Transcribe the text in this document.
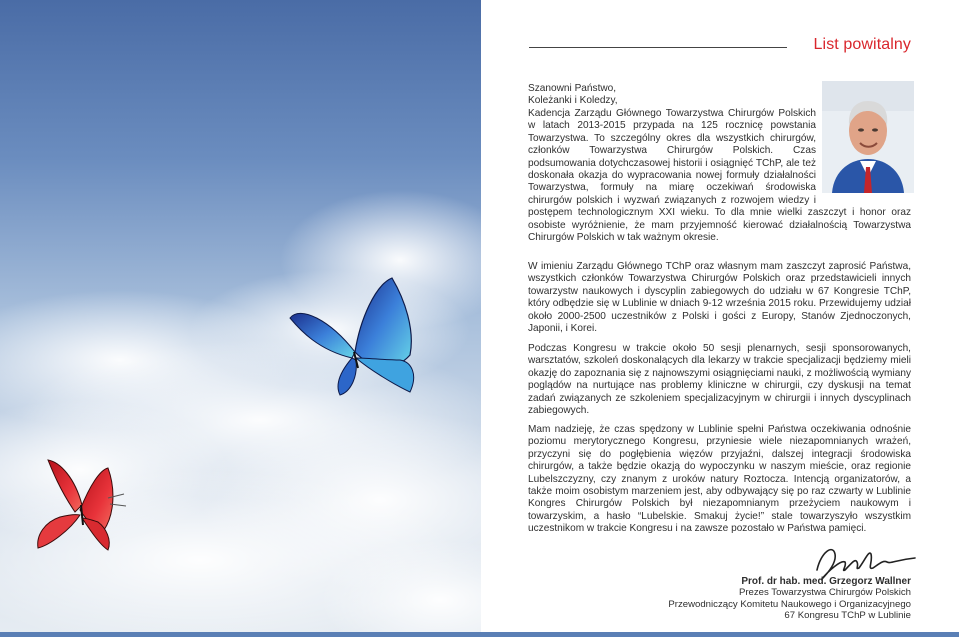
List powitalny

Szanowni Państwo,

Koleżanki i Koledzy,

Kadencja Zarządu Głównego Towarzystwa Chirurgów Polskich w latach 2013-2015 przypada na 125 rocznicę powstania Towarzystwa. To szczególny okres dla wszystkich chirurgów, członków Towarzystwa Chirurgów Polskich. Czas podsumowania dotychczasowej historii i osiągnięć TChP, ale też doskonała okazja do wypracowania nowej formuły działalności Towarzystwa, formuły na miarę oczekiwań środowiska chirurgów polskich i wyzwań związanych z rozwojem wiedzy i postępem technologicznym XXI wieku. To dla mnie wielki zaszczyt i honor oraz osobiste wyróżnienie, że mam przyjemność kierować działalnością Towarzystwa Chirurgów Polskich w tak ważnym okresie.

W imieniu Zarządu Głównego TChP oraz własnym mam zaszczyt zaprosić Państwa, wszystkich członków Towarzystwa Chirurgów Polskich oraz przedstawicieli innych towarzystw naukowych i dyscyplin zabiegowych do udziału w 67 Kongresie TChP, który odbędzie się w Lublinie w dniach 9-12 września 2015 roku. Przewidujemy udział około 2000-2500 uczestników z Polski i gości z Europy, Stanów Zjednoczonych, Japonii, i Korei.

Podczas Kongresu w trakcie około 50 sesji plenarnych, sesji sponsorowanych, warsztatów, szkoleń doskonalących dla lekarzy w trakcie specjalizacji będziemy mieli okazję do zapoznania się z najnowszymi osiągnięciami nauki, z możliwością wymiany poglądów na nurtujące nas problemy kliniczne w chirurgii, czy dyskusji na temat zadań związanych ze szkoleniem specjalizacyjnym w chirurgii i innych dyscyplinach zabiegowych.

Mam nadzieję, że czas spędzony w Lublinie spełni Państwa oczekiwania odnośnie poziomu merytorycznego Kongresu, przyniesie wiele niezapomnianych wrażeń, przyczyni się do pogłębienia więzów przyjaźni, dalszej integracji środowiska chirurgów, a także będzie okazją do wypoczynku w naszym mieście, oraz regionie Lubelszczyzny, czy znanym z uroków natury Roztocza. Intencją organizatorów, a także moim osobistym marzeniem jest, aby odbywający się po raz czwarty w Lublinie Kongres Chirurgów Polskich był niezapomnianym przeżyciem naukowym i towarzyskim, a hasło “Lubelskie. Smakuj życie!” stale towarzyszyło wszystkim uczestnikom w trakcie Kongresu i na zawsze pozostało w Państwa pamięci.

Prof. dr hab. med. Grzegorz Wallner
Prezes Towarzystwa Chirurgów Polskich
Przewodniczący Komitetu Naukowego i Organizacyjnego
67 Kongresu TChP w Lublinie
